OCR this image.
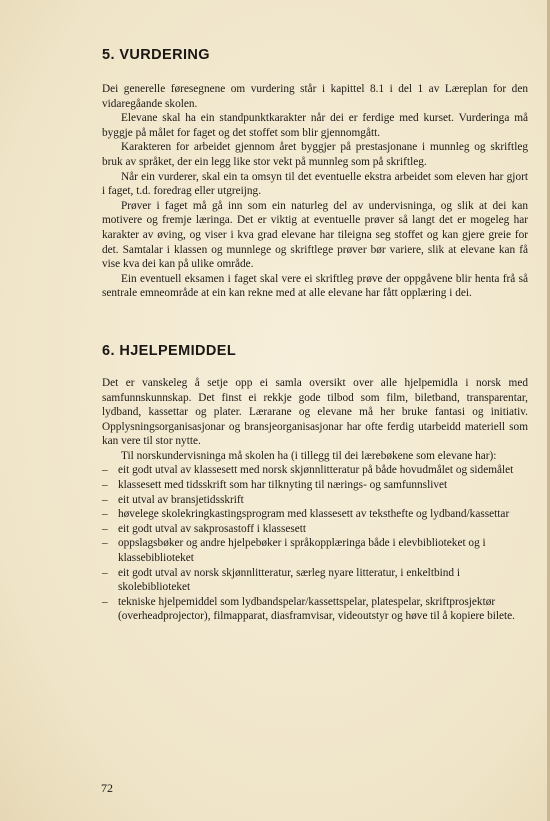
5. VURDERING

Dei generelle føresegnene om vurdering står i kapittel 8.1 i del 1 av Læreplan for den vidaregåande skolen.

Elevane skal ha ein standpunktkarakter når dei er ferdige med kurset. Vurderinga må byggje på målet for faget og det stoffet som blir gjennomgått.

Karakteren for arbeidet gjennom året byggjer på prestasjonane i munnleg og skriftleg bruk av språket, der ein legg like stor vekt på munnleg som på skriftleg.

Når ein vurderer, skal ein ta omsyn til det eventuelle ekstra arbeidet som eleven har gjort i faget, t.d. foredrag eller utgreijng.

Prøver i faget må gå inn som ein naturleg del av undervisninga, og slik at dei kan motivere og fremje læringa. Det er viktig at eventuelle prøver så langt det er mogeleg har karakter av øving, og viser i kva grad elevane har tileigna seg stoffet og kan gjere greie for det. Samtalar i klassen og munnlege og skriftlege prøver bør variere, slik at elevane kan få vise kva dei kan på ulike område.

Ein eventuell eksamen i faget skal vere ei skriftleg prøve der oppgåvene blir henta frå så sentrale emneområde at ein kan rekne med at alle elevane har fått opplæring i dei.

6. HJELPEMIDDEL

Det er vanskeleg å setje opp ei samla oversikt over alle hjelpemidla i norsk med samfunnskunnskap. Det finst ei rekkje gode tilbod som film, biletband, transparentar, lydband, kassettar og plater. Lærarane og elevane må her bruke fantasi og initiativ. Opplysningsorganisasjonar og bransjeorganisasjonar har ofte ferdig utarbeidd materiell som kan vere til stor nytte.

Til norskundervisninga må skolen ha (i tillegg til dei lærebøkene som elevane har):

– eit godt utval av klassesett med norsk skjønnlitteratur på både hovudmålet og sidemålet
– klassesett med tidsskrift som har tilknyting til nærings- og samfunnslivet
– eit utval av bransjetidsskrift
– høvelege skolekringkastingsprogram med klassesett av tekstheftе og lydband/kassettar
– eit godt utval av sakprosastoff i klassesett
– oppslagsbøker og andre hjelpebøker i språkopplæringa både i elevbiblioteket og i klassebiblioteket
– eit godt utval av norsk skjønnlitteratur, særleg nyare litteratur, i enkeltbind i skolebiblioteket
– tekniske hjelpemiddel som lydbandspelar/kassettspelar, platespelar, skriftprosjektør (overheadprojector), filmapparat, diasframvisar, videoutstyr og høve til å kopiere bilete.
72
